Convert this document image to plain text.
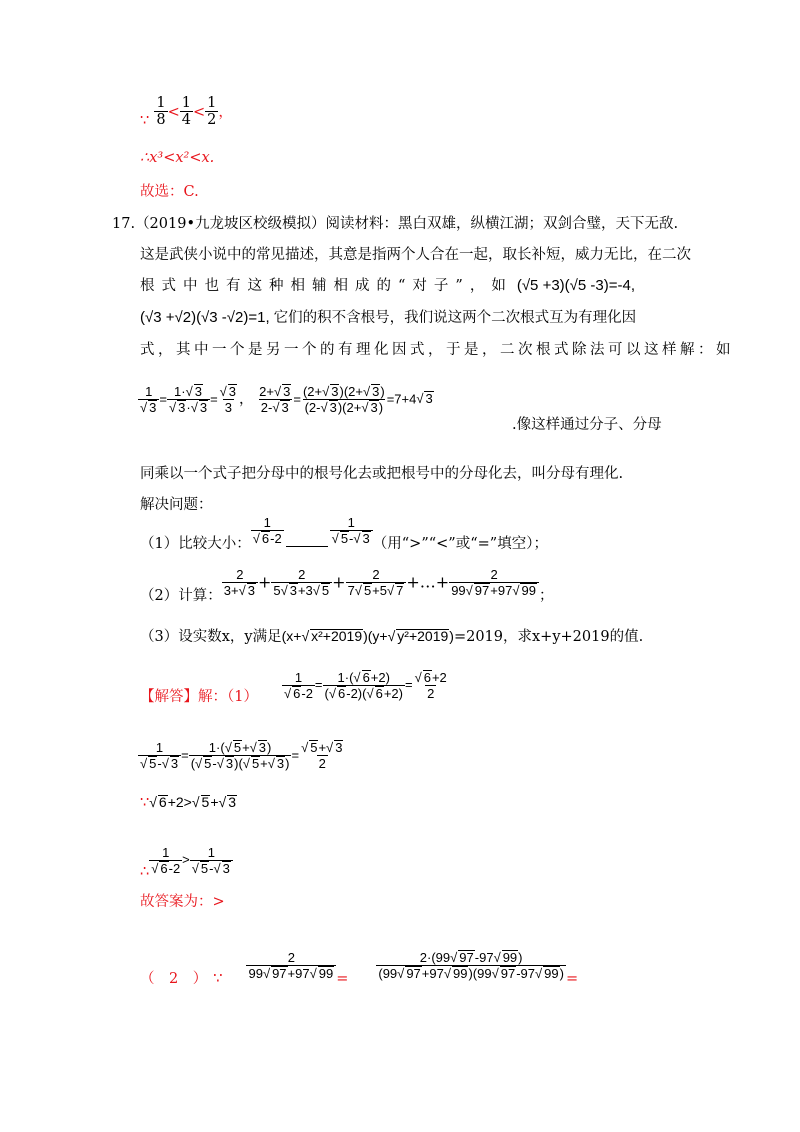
∵ $\frac{1}{8} < \frac{1}{4} < \frac{1}{2}$ ，
∴x³<x²<x.
故选：C.
17.（2019•九龙坡区校级模拟）阅读材料：黑白双雄，纵横江湖；双剑合璧，天下无敌.
这是武侠小说中的常见描述，其意是指两个人合在一起，取长补短，威力无比，在二次
根式中也有这种相辅相成的“对子”，如 (√5 +3)(√5 -3)=-4,
(√3 +√2)(√3 -√2)=1, 它们的积不含根号，我们说这两个二次根式互为有理化因
式，其中一个是另一个的有理化因式，于是，二次根式除法可以这样解：如
1
√ 3 = 1·√ 3
√ 3·√ 3 =
√ $\frac{3}{3}$ ， $\frac{2+√ 3}{2-√ 3} = \frac{(2+√ 3)(2+√ 3)}{(2-√ 3)(2+√ 3)} =7+4√$ 3
.像这样通过分子、分母
同乘以一个式子把分母中的根号化去或把根号中的分母化去，叫分母有理化.
解决问题：
（1）比较大小： 1
√ 6-2	1
√ 5-√ 3 （用“>”“<”或“=”填空）；
（2）计算： $\frac{2}{3+√ 3} + \frac{2}{5√ 3+3√ 5} + \frac{2}{7√ 5+5√ 7}$ +…+ $\frac{2}{99√ 97+97√ 99}$ ；
（3）设实数x，y满足(x+√ x²+2019)(y+√ y²+2019)=2019，求x+y+2019的值.
【解答】解：（1） 1
√ $6-2 = \frac{1\cdot(√ 6+2)}{(√ 6-2)(√ 6+2)}$ =
√ $\frac{6+2}{2}$
1
√ 5-√ $3 = \frac{1\cdot(√ 5+√ 3)}{(√ 5-√ 3)(√ 5+√ 3)}$ =
√ $\frac{5+√ 3}{2}$
∵√ 6+2>√ 5+√ 3
∴ 1
√ 6-2 > 1
√ 5-√ 3
故答案为：>
（　2　） ∵ $\frac{2}{99√ 97+97√ 99} = \frac{2\cdot(99√ 97-97√ 99)}{(99√ 97+97√ 99)(99√ 97-97√ 99)}$ =
